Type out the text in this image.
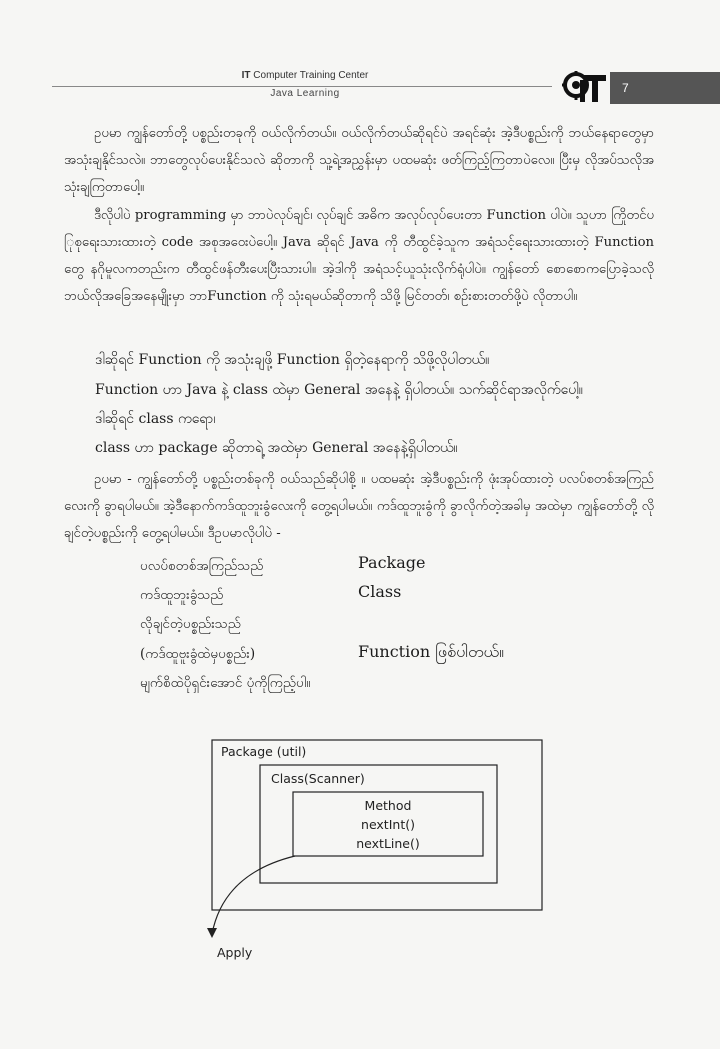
IT Computer Training Center
Java Learning	7
ဥပမာ ကျွန်တော်တို့ ပစ္စည်းတခုကို ဝယ်လိုက်တယ်။ ဝယ်လိုက်တယ်ဆိုရင်ပဲ အရင်ဆုံး အဲ့ဒီပစ္စည်းကို ဘယ်နေရာတွေမှာ အသုံးချနိုင်သလဲ။ ဘာတွေလုပ်ပေးနိုင်သလဲ ဆိုတာကို သူ့ရဲ့အညွှန်းမှာ ပထမဆုံး ဖတ်ကြည့်ကြတာပဲလေ။ ပြီးမှ လိုအပ်သလိုအသုံးချကြတာပေါ့။
ဒီလိုပါပဲ programming မှာ ဘာပဲလုပ်ချင်၊ လုပ်ချင် အဓိက အလုပ်လုပ်ပေးတာ Function ပါပဲ။ သူဟာ ကြိုတင်ပြုစုရေးသားထားတဲ့ code အစုအဝေးပဲပေါ့။ Java ဆိုရင် Java ကို တီထွင်ခဲ့သူက အရံသင့်ရေးသားထားတဲ့ Function တွေ နဂိုမူလကတည်းက တီထွင်ဖန်တီးပေးပြီးသားပါ။ အဲ့ဒါကို အရံသင့်ယူသုံးလိုက်ရုံပါပဲ။ ကျွန်တော် စောစောကပြောခဲ့သလို ဘယ်လိုအခြေအနေမျိုးမှာ ဘာFunction ကို သုံးရမယ်ဆိုတာကို သိဖို့ မြင်တတ်၊ စဉ်းစားတတ်ဖို့ပဲ လိုတာပါ။
ဒါဆိုရင် Function ကို အသုံးချဖို့ Function ရှိတဲ့နေရာကို သိဖို့လိုပါတယ်။
Function ဟာ Java နဲ့ class ထဲမှာ General အနေနဲ့ ရှိပါတယ်။ သက်ဆိုင်ရာအလိုက်ပေါ့။
ဒါဆိုရင် class ကရော၊
class ဟာ package ဆိုတာရဲ့ အထဲမှာ General အနေနဲ့ရှိပါတယ်။
ဥပမာ - ကျွန်တော်တို့ ပစ္စည်းတစ်ခုကို ဝယ်သည်ဆိုပါစို့ ။ ပထမဆုံး အဲ့ဒီပစ္စည်းကို ဖုံးအုပ်ထားတဲ့ ပလပ်စတစ်အကြည်လေးကို ခွာရပါမယ်။ အဲ့ဒီနောက်ကဒ်ထူဘူးခွံလေးကို တွေ့ရပါမယ်။ ကဒ်ထူဘူးခွံကို ခွာလိုက်တဲ့အခါမှ အထဲမှာ ကျွန်တော်တို့ လိုချင်တဲ့ပစ္စည်းကို တွေ့ရပါမယ်။ ဒီဥပမာလိုပါပဲ -
ပလပ်စတစ်အကြည်သည်	Package
ကဒ်ထူဘူးခွံသည်	Class
လိုချင်တဲ့ပစ္စည်းသည်
(ကဒ်ထူဗူးခွံထဲမှပစ္စည်း)	Function ဖြစ်ပါတယ်။
မျက်စိထဲပိုရှင်းအောင် ပုံကိုကြည့်ပါ။
Package (util)
Class(Scanner)
Method
nextInt()
nextLine()
Apply
